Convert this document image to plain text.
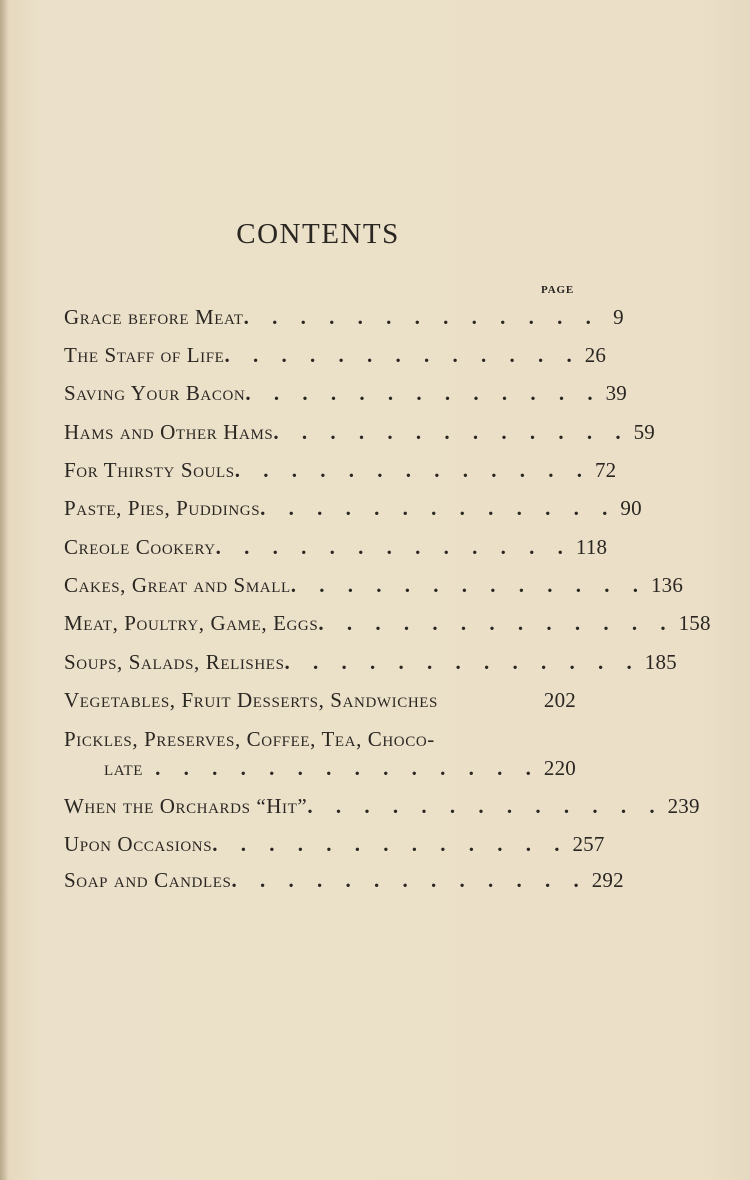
CONTENTS
PAGE
Grace before Meat . . . . . . . . . . . . . 9
The Staff of Life . . . . . . . . . . . . . 26
Saving Your Bacon . . . . . . . . . . . . . 39
Hams and Other Hams . . . . . . . . . . . . . 59
For Thirsty Souls . . . . . . . . . . . . . 72
Paste, Pies, Puddings . . . . . . . . . . . . . 90
Creole Cookery . . . . . . . . . . . . . 118
Cakes, Great and Small . . . . . . . . . . . . . 136
Meat, Poultry, Game, Eggs . . . . . . . . . . . . . 158
Soups, Salads, Relishes . . . . . . . . . . . . . 185
Vegetables, Fruit Desserts, Sandwiches	202
Pickles, Preserves, Coffee, Tea, Choco-
late . . . . . . . . . . . . . . 220
When the Orchards “Hit” . . . . . . . . . . . . . 239
Upon Occasions . . . . . . . . . . . . . 257
Soap and Candles . . . . . . . . . . . . . 292
